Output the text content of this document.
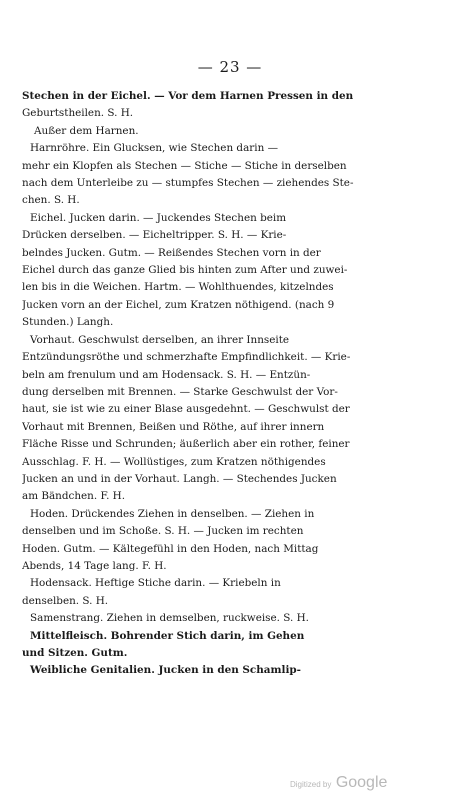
— 23 —
Stechen in der Eichel. — Vor dem Harnen Pressen in den
Geburtstheilen. S. H.
Außer dem Harnen.
Harnröhre. Ein Glucksen, wie Stechen darin —
mehr ein Klopfen als Stechen — Stiche — Stiche in derselben
nach dem Unterleibe zu — stumpfes Stechen — ziehendes Ste-
chen. S. H.
Eichel. Jucken darin. — Juckendes Stechen beim
Drücken derselben. — Eicheltripper. S. H. — Krie-
belndes Jucken. Gutm. — Reißendes Stechen vorn in der
Eichel durch das ganze Glied bis hinten zum After und zuwei-
len bis in die Weichen. Hartm. — Wohlthuendes, kitzelndes
Jucken vorn an der Eichel, zum Kratzen nöthigend. (nach 9
Stunden.) Langh.
Vorhaut. Geschwulst derselben, an ihrer Innseite
Entzündungsröthe und schmerzhafte Empfindlichkeit. — Krie-
beln am frenulum und am Hodensack. S. H. — Entzün-
dung derselben mit Brennen. — Starke Geschwulst der Vor-
haut, sie ist wie zu einer Blase ausgedehnt. — Geschwulst der
Vorhaut mit Brennen, Beißen und Röthe, auf ihrer innern
Fläche Risse und Schrunden; äußerlich aber ein rother, feiner
Ausschlag. F. H. — Wollüstiges, zum Kratzen nöthigendes
Jucken an und in der Vorhaut. Langh. — Stechendes Jucken
am Bändchen. F. H.
Hoden. Drückendes Ziehen in denselben. — Ziehen in
denselben und im Schoße. S. H. — Jucken im rechten
Hoden. Gutm. — Kältegefühl in den Hoden, nach Mittag
Abends, 14 Tage lang. F. H.
Hodensack. Heftige Stiche darin. — Kriebeln in
denselben. S. H.
Samenstrang. Ziehen in demselben, ruckweise. S. H.
Mittelfleisch. Bohrender Stich darin, im Gehen
und Sitzen. Gutm.
Weibliche Genitalien. Jucken in den Schamlip-
Digitized by Google
